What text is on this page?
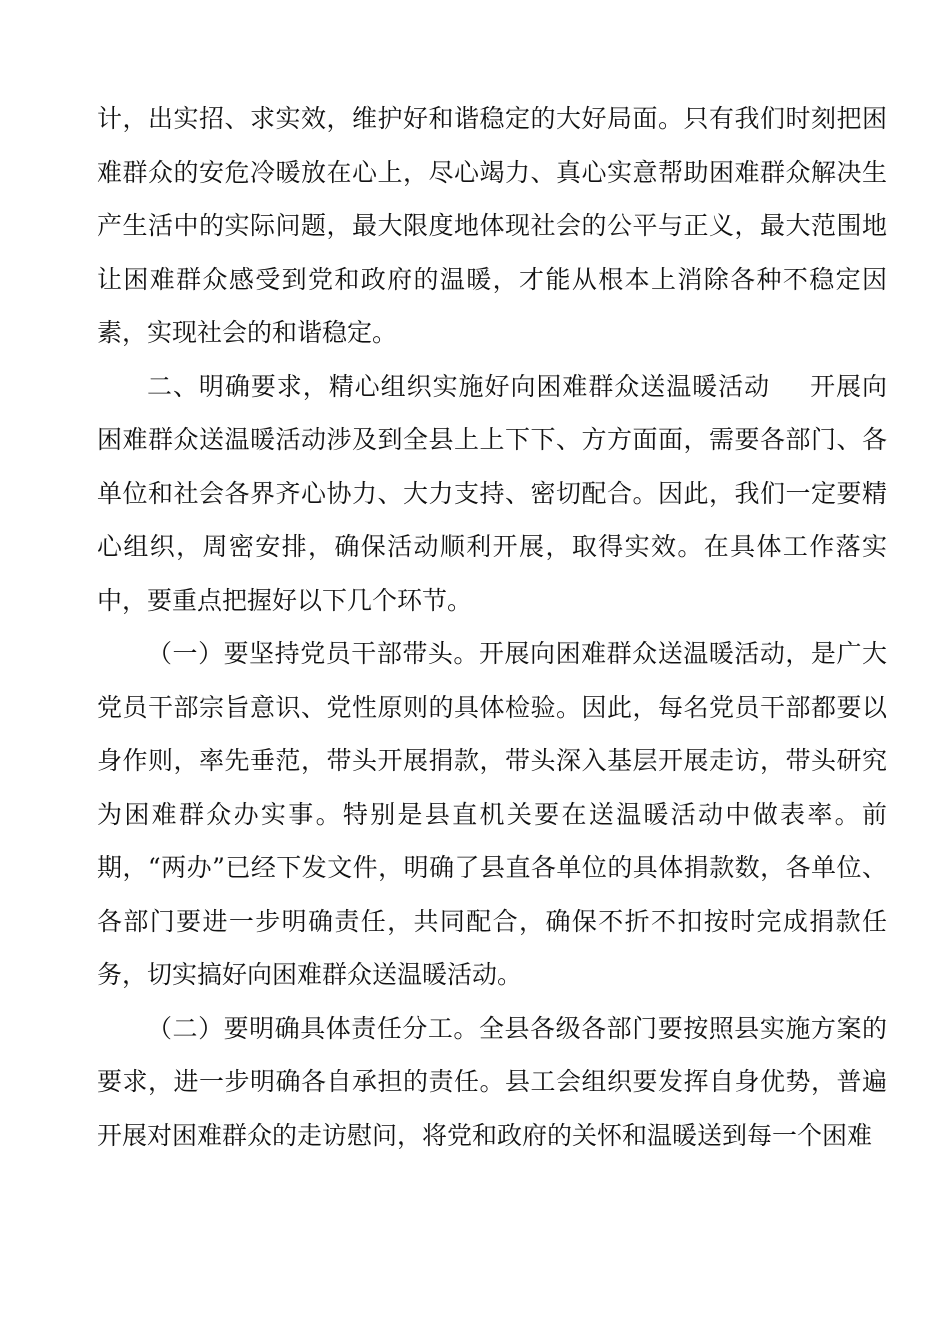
计，出实招、求实效，维护好和谐稳定的大好局面。只有我们时刻把困难群众的安危冷暖放在心上，尽心竭力、真心实意帮助困难群众解决生产生活中的实际问题，最大限度地体现社会的公平与正义，最大范围地让困难群众感受到党和政府的温暖，才能从根本上消除各种不稳定因素，实现社会的和谐稳定。

二、明确要求，精心组织实施好向困难群众送温暖活动 开展向困难群众送温暖活动涉及到全县上上下下、方方面面，需要各部门、各单位和社会各界齐心协力、大力支持、密切配合。因此，我们一定要精心组织，周密安排，确保活动顺利开展，取得实效。在具体工作落实中，要重点把握好以下几个环节。

（一）要坚持党员干部带头。开展向困难群众送温暖活动，是广大党员干部宗旨意识、党性原则的具体检验。因此，每名党员干部都要以身作则，率先垂范，带头开展捐款，带头深入基层开展走访，带头研究为困难群众办实事。特别是县直机关要在送温暖活动中做表率。前期，“两办”已经下发文件，明确了县直各单位的具体捐款数，各单位、各部门要进一步明确责任，共同配合，确保不折不扣按时完成捐款任务，切实搞好向困难群众送温暖活动。

（二）要明确具体责任分工。全县各级各部门要按照县实施方案的要求，进一步明确各自承担的责任。县工会组织要发挥自身优势，普遍开展对困难群众的走访慰问，将党和政府的关怀和温暖送到每一个困难
